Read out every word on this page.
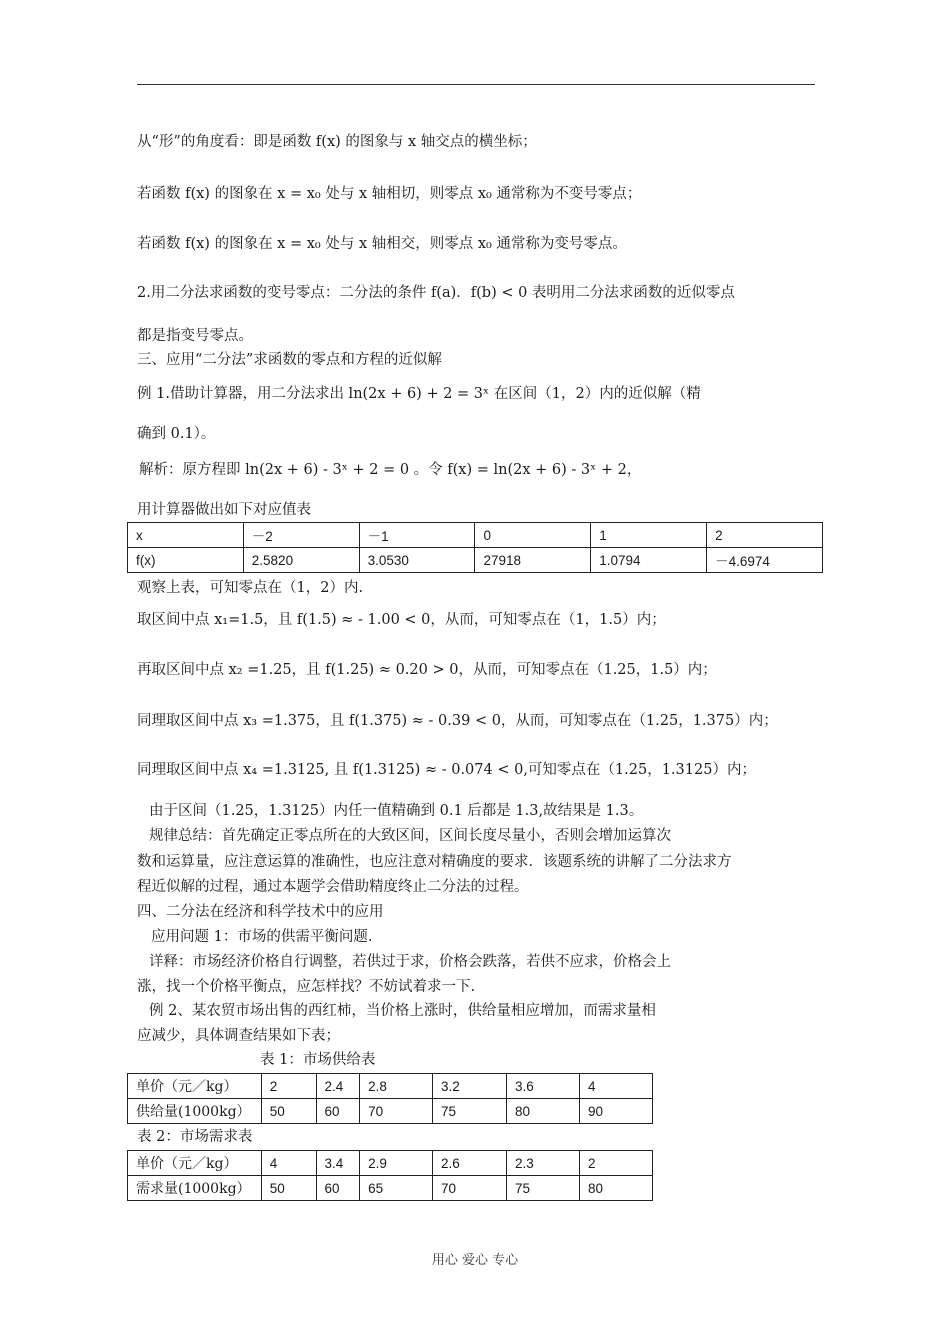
从“形”的角度看：即是函数 f(x) 的图象与 x 轴交点的横坐标；
若函数 f(x) 的图象在 x = x₀ 处与 x 轴相切，则零点 x₀ 通常称为不变号零点；
若函数 f(x) 的图象在 x = x₀ 处与 x 轴相交，则零点 x₀ 通常称为变号零点。
2.用二分法求函数的变号零点：二分法的条件 f(a)．f(b) < 0 表明用二分法求函数的近似零点
都是指变号零点。
三、应用“二分法”求函数的零点和方程的近似解
例 1.借助计算器，用二分法求出 ln(2x + 6) + 2 = 3ˣ 在区间（1，2）内的近似解（精
确到 0.1）。
解析：原方程即 ln(2x + 6) - 3ˣ + 2 = 0 。令 f(x) = ln(2x + 6) - 3ˣ + 2，
用计算器做出如下对应值表
x	－2	－1	0	1	2
f(x)	2.5820	3.0530	27918	1.0794	－4.6974
观察上表，可知零点在（1，2）内.
取区间中点 x₁=1.5，且 f(1.5) ≈ - 1.00 < 0，从而，可知零点在（1，1.5）内；
再取区间中点 x₂ =1.25，且 f(1.25) ≈ 0.20 > 0，从而，可知零点在（1.25，1.5）内；
同理取区间中点 x₃ =1.375，且 f(1.375) ≈ - 0.39 < 0，从而，可知零点在（1.25，1.375）内；
同理取区间中点 x₄ =1.3125, 且 f(1.3125) ≈ - 0.074 < 0,可知零点在（1.25，1.3125）内；
由于区间（1.25，1.3125）内任一值精确到 0.1 后都是 1.3,故结果是 1.3。
规律总结：首先确定正零点所在的大致区间，区间长度尽量小，否则会增加运算次
数和运算量，应注意运算的准确性，也应注意对精确度的要求．该题系统的讲解了二分法求方
程近似解的过程，通过本题学会借助精度终止二分法的过程。
四、二分法在经济和科学技术中的应用
应用问题 1：市场的供需平衡问题.
详释：市场经济价格自行调整，若供过于求，价格会跌落，若供不应求，价格会上
涨，找一个价格平衡点，应怎样找？不妨试着求一下.
例 2、某农贸市场出售的西红柿，当价格上涨时，供给量相应增加，而需求量相
应减少，具体调查结果如下表；
表 1：市场供给表
单价（元／kg）	2	2.4	2.8	3.2	3.6	4
供给量(1000kg）	50	60	70	75	80	90
表 2：市场需求表
单价（元／kg）	4	3.4	2.9	2.6	2.3	2
需求量(1000kg）	50	60	65	70	75	80
用心 爱心 专心
